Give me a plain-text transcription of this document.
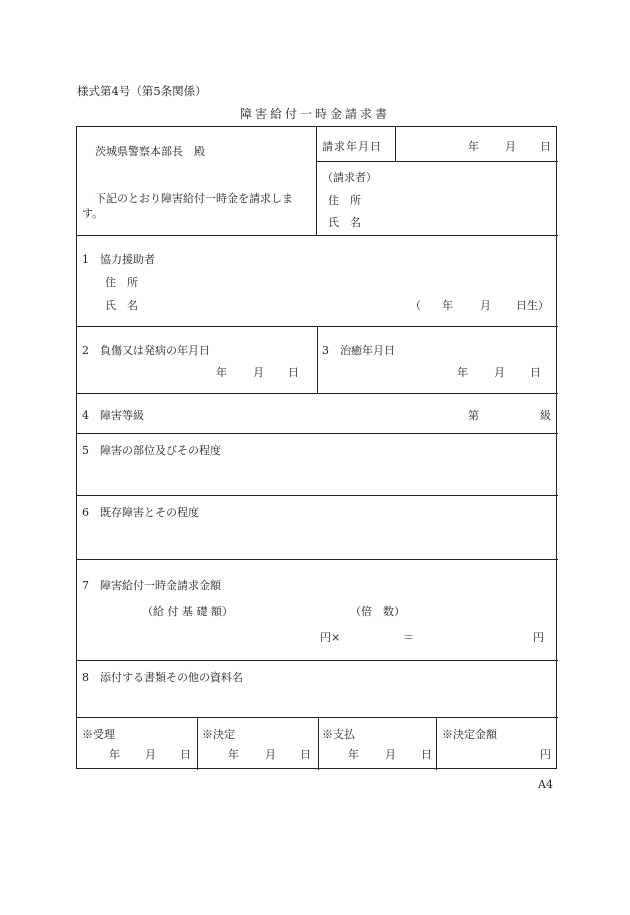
様式第4号（第5条関係）
障害給付一時金請求書
茨城県警察本部長　殿
下記のとおり障害給付一時金を請求しま
す。
請求年月日	年 月 日
（請求者）
住　所
氏　名
1　協力援助者
住　所
氏　名	（ 年 月 日生）
2　負傷又は発病の年月日
年 月 日
3　治癒年月日
年 月 日
4　障害等級	第	級
5　障害の部位及びその程度
6　既存障害とその程度
7　障害給付一時金請求金額
（給 付 基 礎 額）	（倍　数）
円×	＝	円
8　添付する書類その他の資料名
※受理
年 月 日
※決定
年 月 日
※支払
年 月 日
※決定金額
円
A4
